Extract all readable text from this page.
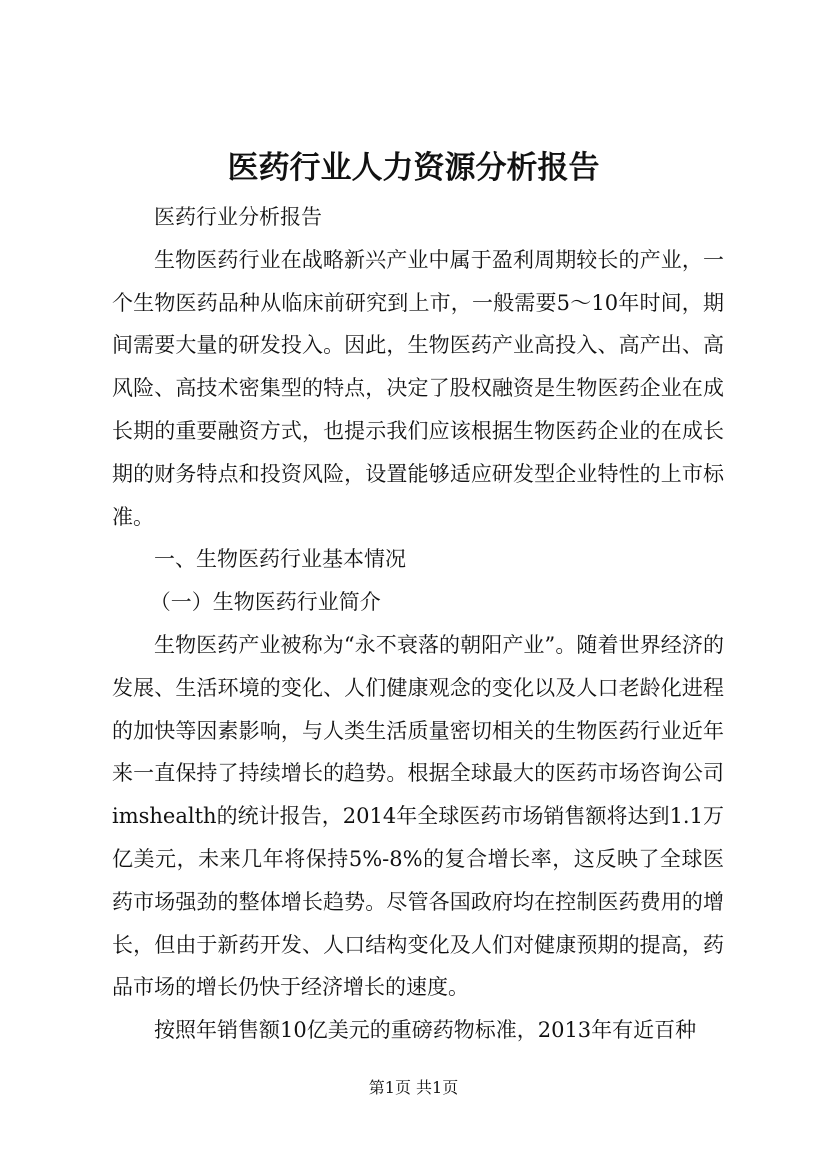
医药行业人力资源分析报告

医药行业分析报告

生物医药行业在战略新兴产业中属于盈利周期较长的产业，一个生物医药品种从临床前研究到上市，一般需要5～10年时间，期间需要大量的研发投入。因此，生物医药产业高投入、高产出、高风险、高技术密集型的特点，决定了股权融资是生物医药企业在成长期的重要融资方式，也提示我们应该根据生物医药企业的在成长期的财务特点和投资风险，设置能够适应研发型企业特性的上市标准。

一、生物医药行业基本情况

（一）生物医药行业简介

生物医药产业被称为“永不衰落的朝阳产业”。随着世界经济的发展、生活环境的变化、人们健康观念的变化以及人口老龄化进程的加快等因素影响，与人类生活质量密切相关的生物医药行业近年来一直保持了持续增长的趋势。根据全球最大的医药市场咨询公司imshealth的统计报告，2014年全球医药市场销售额将达到1.1万亿美元，未来几年将保持5%-8%的复合增长率，这反映了全球医药市场强劲的整体增长趋势。尽管各国政府均在控制医药费用的增长，但由于新药开发、人口结构变化及人们对健康预期的提高，药品市场的增长仍快于经济增长的速度。

按照年销售额10亿美元的重磅药物标准，2013年有近百种

第1页 共1页
